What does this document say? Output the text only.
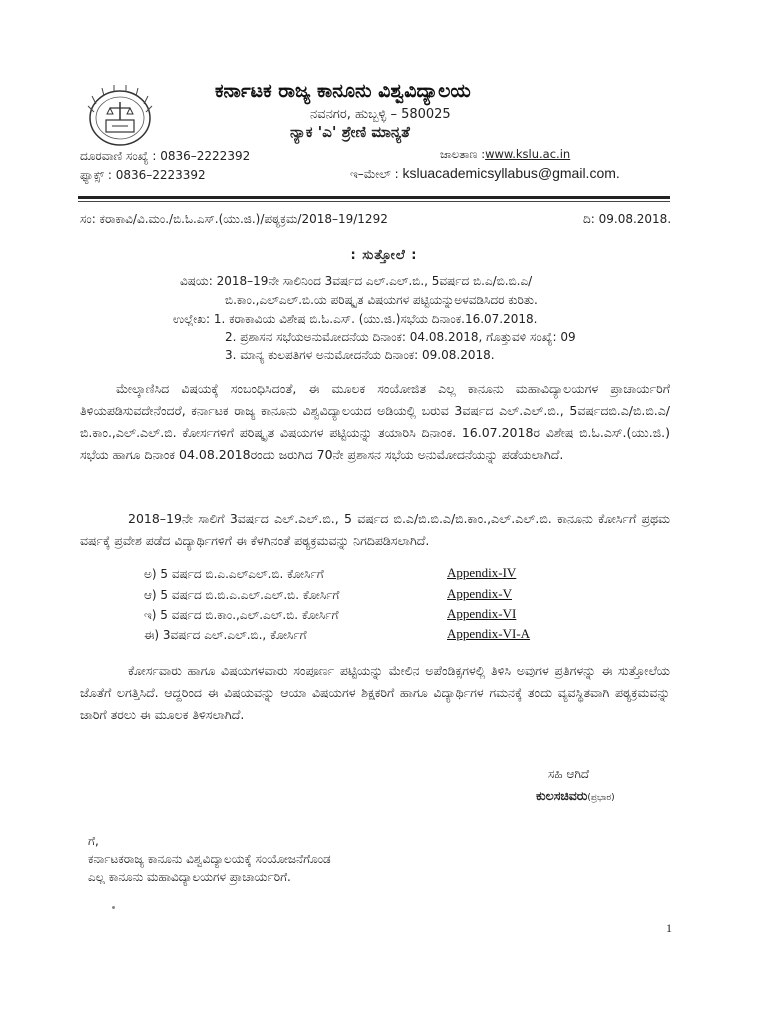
ಕರ್ನಾಟಕ ರಾಜ್ಯ ಕಾನೂನು ವಿಶ್ವವಿದ್ಯಾಲಯ
ನವನಗರ, ಹುಬ್ಬಳ್ಳಿ – 580025
ನ್ಯಾಕ 'ಎ' ಶ್ರೇಣಿ ಮಾನ್ಯತೆ
ದೂರವಾಣಿ ಸಂಖ್ಯೆ : 0836–2222392
ಫ್ಯಾಕ್ಸ್ : 0836–2223392
ಜಾಲತಾಣ :www.kslu.ac.in
ಇ–ಮೇಲ್ : ksluacademicsyllabus@gmail.com.
ಸಂ: ಕರಾಕಾವಿ/ವಿ.ಮಂ./ಬಿ.ಓ.ಎಸ್.(ಯು.ಜಿ.)/ಪಠ್ಯಕ್ರಮ/2018–19/1292	ದಿ: 09.08.2018.
: ಸುತ್ತೋಲೆ :
ವಿಷಯ: 2018–19ನೇ ಸಾಲಿನಿಂದ 3ವರ್ಷದ ಎಲ್.ಎಲ್.ಬಿ., 5ವರ್ಷದ ಬಿ.ಎ/ಬಿ.ಬಿ.ಎ/
ಬಿ.ಕಾಂ.,ಎಲ್ಎಲ್.ಬಿ.ಯ ಪರಿಷ್ಕೃತ ವಿಷಯಗಳ ಪಟ್ಟಿಯನ್ನುಅಳವಡಿಸಿದರ ಕುರಿತು.
ಉಲ್ಲೇಖ: 1. ಕರಾಕಾವಿಯ ವಿಶೇಷ ಬಿ.ಓ.ಎಸ್. (ಯು.ಜಿ.)ಸಭೆಯ ದಿನಾಂಕ.16.07.2018.
2. ಪ್ರಶಾಸನ ಸಭೆಯಅನುಮೋದನೆಯ ದಿನಾಂಕ: 04.08.2018, ಗೊತ್ತುವಳಿ ಸಂಖ್ಯೆ: 09
3. ಮಾನ್ಯ ಕುಲಪತಿಗಳ ಅನುಮೋದನೆಯ ದಿನಾಂಕ: 09.08.2018.
ಮೇಲ್ಕಾಣಿಸಿದ ವಿಷಯಕ್ಕೆ ಸಂಬಂಧಿಸಿದಂತೆ, ಈ ಮೂಲಕ ಸಂಯೋಜಿತ ಎಲ್ಲ ಕಾನೂನು ಮಹಾವಿದ್ಯಾಲಯಗಳ ಪ್ರಾಚಾರ್ಯರಿಗೆ ತಿಳಿಯಪಡಿಸುವದೇನೆಂದರೆ, ಕರ್ನಾಟಕ ರಾಜ್ಯ ಕಾನೂನು ವಿಶ್ವವಿದ್ಯಾಲಯದ ಅಡಿಯಲ್ಲಿ ಬರುವ 3ವರ್ಷದ ಎಲ್.ಎಲ್.ಬಿ., 5ವರ್ಷದಬಿ.ಎ/ಬಿ.ಬಿ.ಎ/ಬಿ.ಕಾಂ.,ಎಲ್.ಎಲ್.ಬಿ. ಕೋರ್ಸಗಳಿಗೆ ಪರಿಷ್ಕೃತ ವಿಷಯಗಳ ಪಟ್ಟಿಯನ್ನು ತಯಾರಿಸಿ ದಿನಾಂಕ. 16.07.2018ರ ವಿಶೇಷ ಬಿ.ಓ.ಎಸ್.(ಯು.ಜಿ.) ಸಭೆಯ ಹಾಗೂ ದಿನಾಂಕ 04.08.2018ರಂದು ಜರುಗಿದ 70ನೇ ಪ್ರಶಾಸನ ಸಭೆಯ ಅನುಮೋದನೆಯನ್ನು ಪಡೆಯಲಾಗಿದೆ.
2018–19ನೇ ಸಾಲಿಗೆ 3ವರ್ಷದ ಎಲ್.ಎಲ್.ಬಿ., 5 ವರ್ಷದ ಬಿ.ಎ/ಬಿ.ಬಿ.ಎ/ಬಿ.ಕಾಂ.,ಎಲ್.ಎಲ್.ಬಿ. ಕಾನೂನು ಕೋರ್ಸಿಗೆ ಪ್ರಥಮ ವರ್ಷಕ್ಕೆ ಪ್ರವೇಶ ಪಡೆದ ವಿದ್ಯಾರ್ಥಿಗಳಿಗೆ ಈ ಕೆಳಗಿನಂತೆ ಪಠ್ಯಕ್ರಮವನ್ನು ನಿಗದಿಪಡಿಸಲಾಗಿದೆ.
ಅ) 5 ವರ್ಷದ ಬಿ.ಎ.ಎಲ್ಎಲ್.ಬಿ. ಕೋರ್ಸಿಗೆ	Appendix-IV
ಆ) 5 ವರ್ಷದ ಬಿ.ಬಿ.ಎ.ಎಲ್.ಎಲ್.ಬಿ. ಕೋರ್ಸಿಗೆ	Appendix-V
ಇ) 5 ವರ್ಷದ ಬಿ.ಕಾಂ.,ಎಲ್.ಎಲ್.ಬಿ. ಕೋರ್ಸಿಗೆ	Appendix-VI
ಈ) 3ವರ್ಷದ ಎಲ್.ಎಲ್.ಬಿ., ಕೋರ್ಸಿಗೆ	Appendix-VI-A
ಕೋರ್ಸವಾರು ಹಾಗೂ ವಿಷಯಗಳವಾರು ಸಂಪೂರ್ಣ ಪಟ್ಟಿಯನ್ನು ಮೇಲಿನ ಅಪೆಂಡಿಕ್ಸಗಳಲ್ಲಿ ತಿಳಿಸಿ ಅವುಗಳ ಪ್ರತಿಗಳನ್ನು ಈ ಸುತ್ತೋಲೆಯ ಜೊತೆಗೆ ಲಗತ್ತಿಸಿದೆ. ಆದ್ದರಿಂದ ಈ ವಿಷಯವನ್ನು ಆಯಾ ವಿಷಯಗಳ ಶಿಕ್ಷಕರಿಗೆ ಹಾಗೂ ವಿದ್ಯಾರ್ಥಿಗಳ ಗಮನಕ್ಕೆ ತಂದು ವ್ಯವಸ್ಥಿತವಾಗಿ ಪಠ್ಯಕ್ರಮವನ್ನು ಜಾರಿಗೆ ತರಲು ಈ ಮೂಲಕ ತಿಳಿಸಲಾಗಿದೆ.
ಸಹಿ ಆಗಿದೆ
ಕುಲಸಚಿವರು(ಪ್ರಭಾರ)
ಗೆ,
ಕರ್ನಾಟಕರಾಜ್ಯ ಕಾನೂನು ವಿಶ್ವವಿದ್ಯಾಲಯಕ್ಕೆ ಸಂಯೋಜನೆಗೊಂಡ
ಎಲ್ಲ ಕಾನೂನು ಮಹಾವಿದ್ಯಾಲಯಗಳ ಪ್ರಾಚಾರ್ಯರಿಗೆ.
1
